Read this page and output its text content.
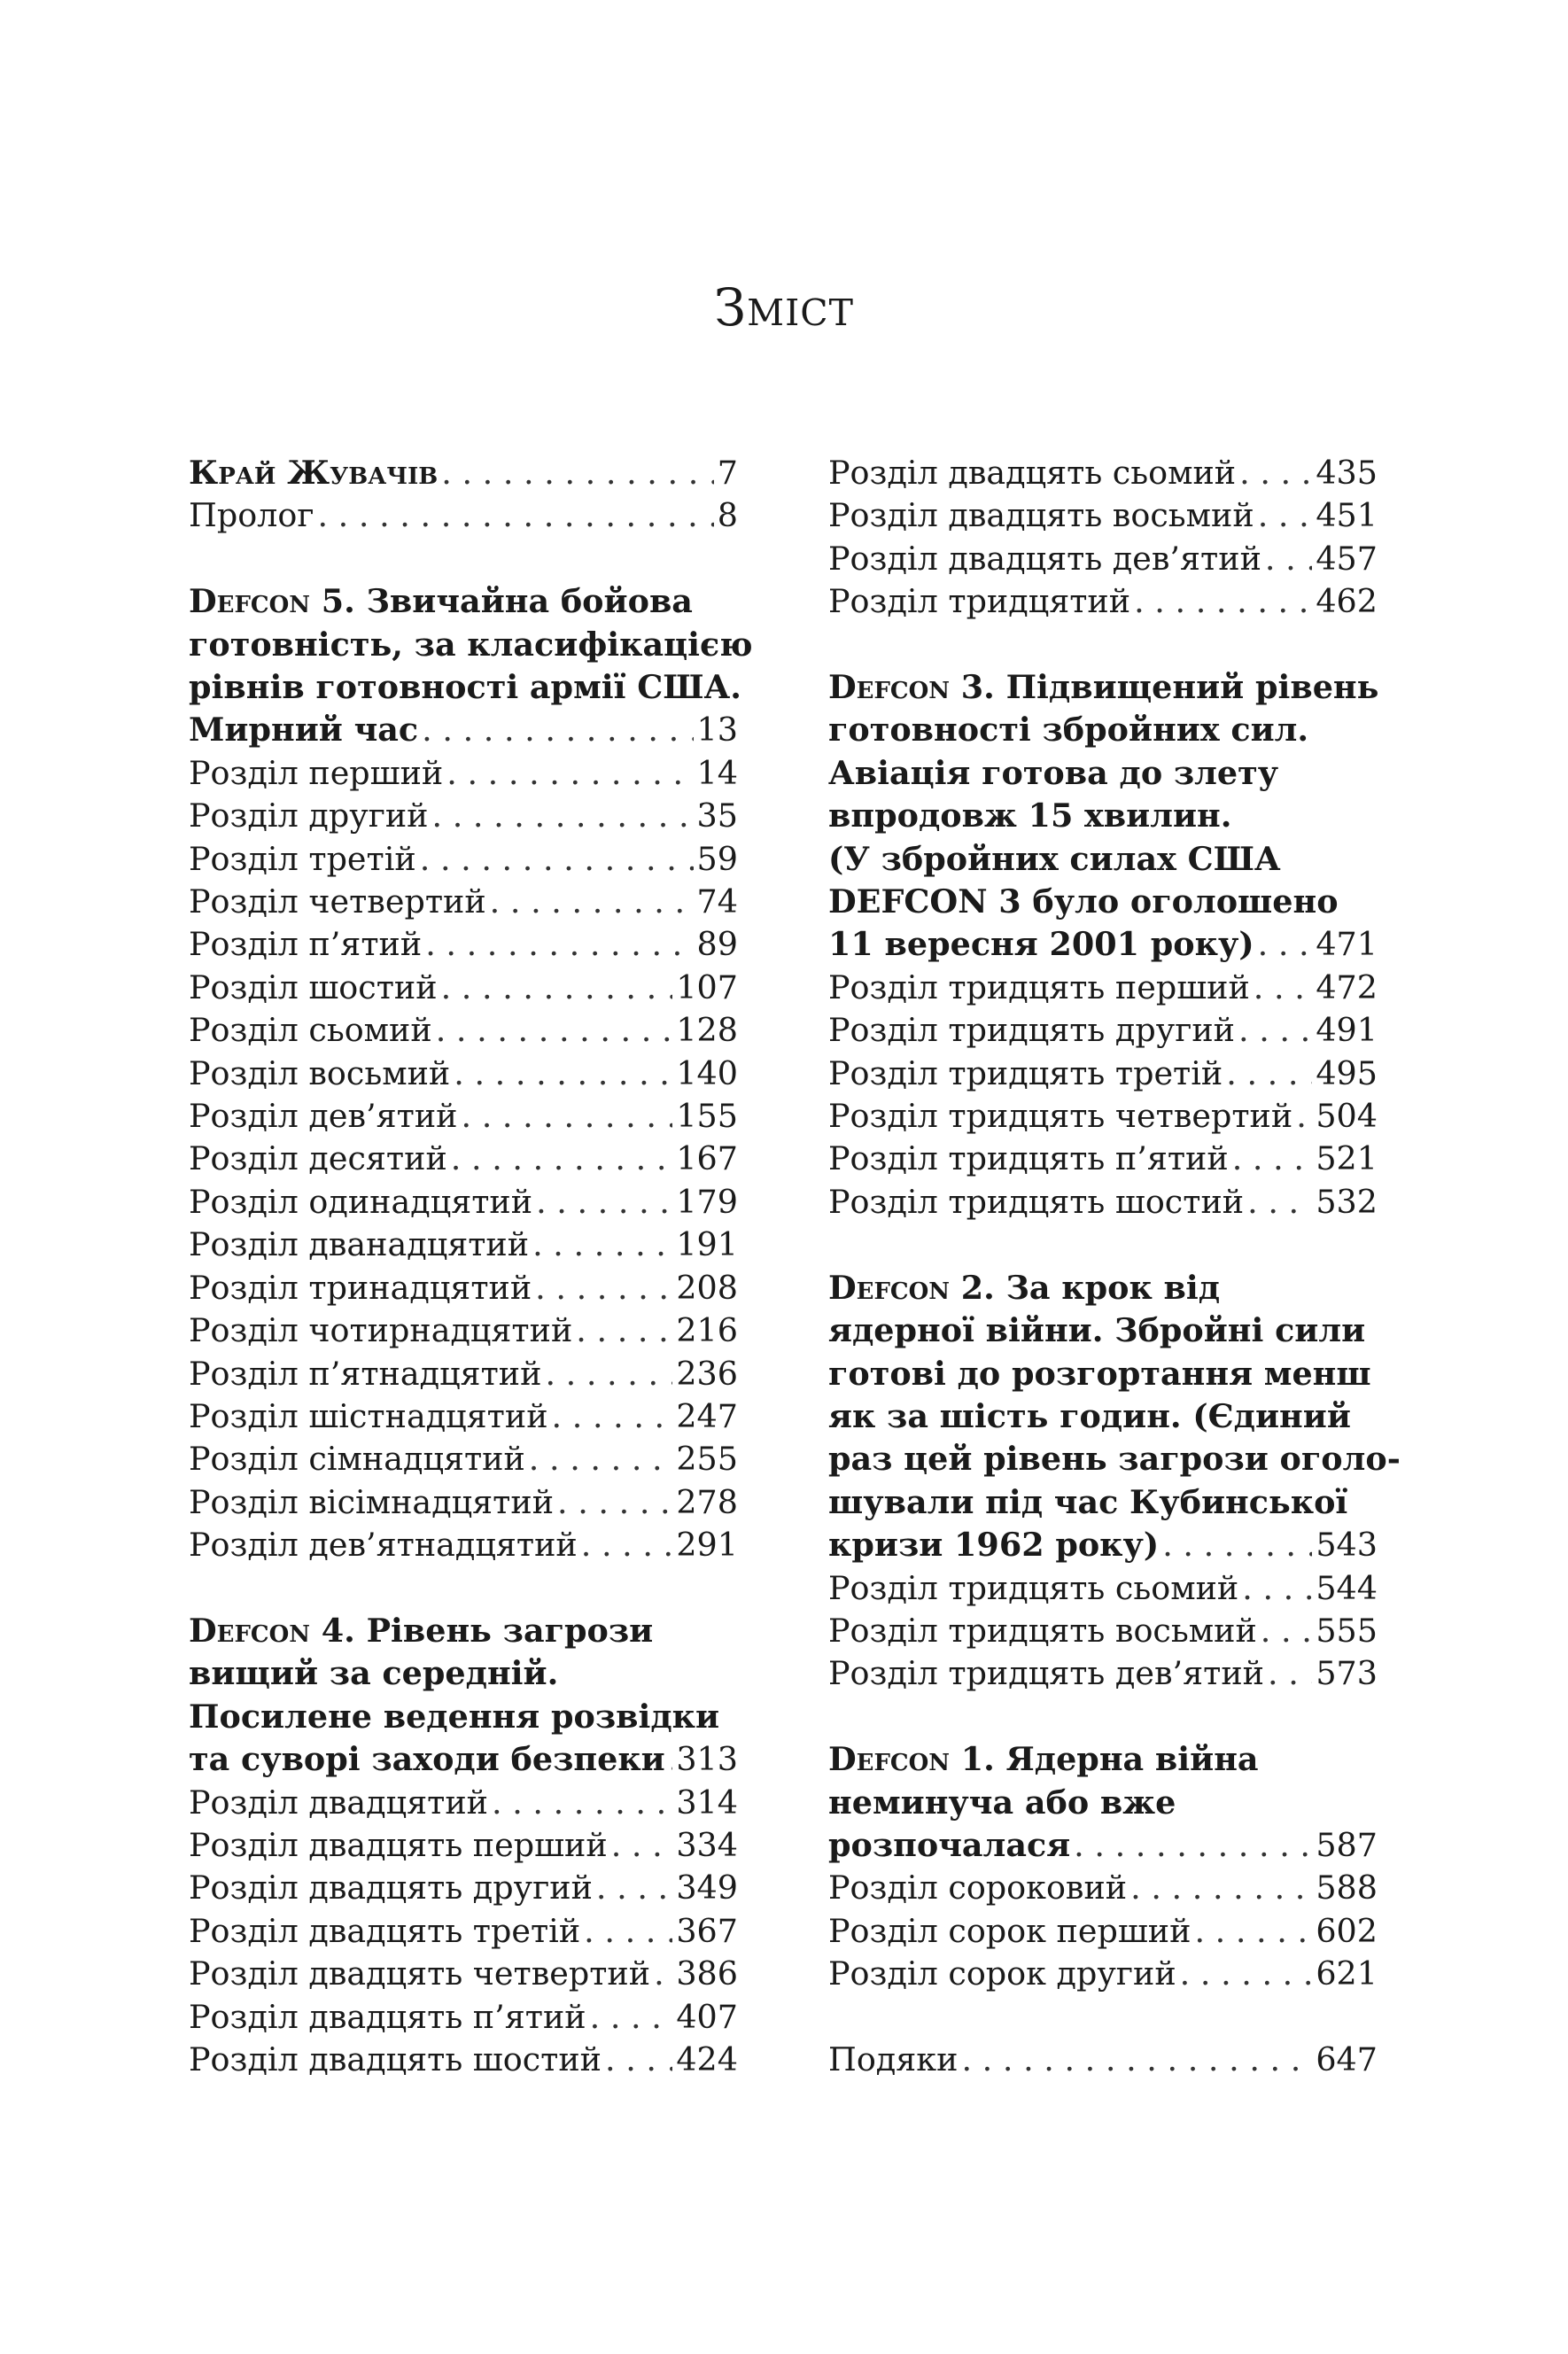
Зміст
Край Жувачів . . .	7
Пролог . . .	8
Defcon 5. Звичайна бойова
готовність, за класифікацією
рівнів готовності армії США.
Мирний час . . .	13
Розділ перший . . .	14
Розділ другий . . .	35
Розділ третій . . .	59
Розділ четвертий . . .	74
Розділ п’ятий . . .	89
Розділ шостий . . .	107
Розділ сьомий . . .	128
Розділ восьмий . . .	140
Розділ дев’ятий . . .	155
Розділ десятий . . .	167
Розділ одинадцятий . . .	179
Розділ дванадцятий . . .	191
Розділ тринадцятий . . .	208
Розділ чотирнадцятий . . .	216
Розділ п’ятнадцятий . . .	236
Розділ шістнадцятий . . .	247
Розділ сімнадцятий . . .	255
Розділ вісімнадцятий . . .	278
Розділ дев’ятнадцятий . . .	291
Defcon 4. Рівень загрози
вищий за середній.
Посилене ведення розвідки
та суворі заходи безпеки . . . 313
Розділ двадцятий . . .	314
Розділ двадцять перший . . . 334
Розділ двадцять другий . . .	349
Розділ двадцять третій . . .	367
Розділ двадцять четвертий . . . 386
Розділ двадцять п’ятий . . .	407
Розділ двадцять шостий . . . 424
Розділ двадцять сьомий . . . 435
Розділ двадцять восьмий . . . 451
Розділ двадцять дев’ятий . . . 457
Розділ тридцятий . . .	462
Defcon 3. Підвищений рівень
готовності збройних сил.
Авіація готова до злету
впродовж 15 хвилин.
(У збройних силах США
DEFCON 3 було оголошено
11 вересня 2001 року) . . . 471
Розділ тридцять перший . . . 472
Розділ тридцять другий . . .	491
Розділ тридцять третій . . .	495
Розділ тридцять четвертий . . . 504
Розділ тридцять п’ятий . . .	521
Розділ тридцять шостий . . . 532
Defcon 2. За крок від
ядерної війни. Збройні сили
готові до розгортання менш
як за шість годин. (Єдиний
раз цей рівень загрози оголо-
шували під час Кубинської
кризи 1962 року) . . .	543
Розділ тридцять сьомий . . . 544
Розділ тридцять восьмий . . . 555
Розділ тридцять дев’ятий . . . 573
Defcon 1. Ядерна війна
неминуча або вже
розпочалася . . .	587
Розділ сороковий . . .	588
Розділ сорок перший . . .	602
Розділ сорок другий . . .	621
Подяки . . .	647
